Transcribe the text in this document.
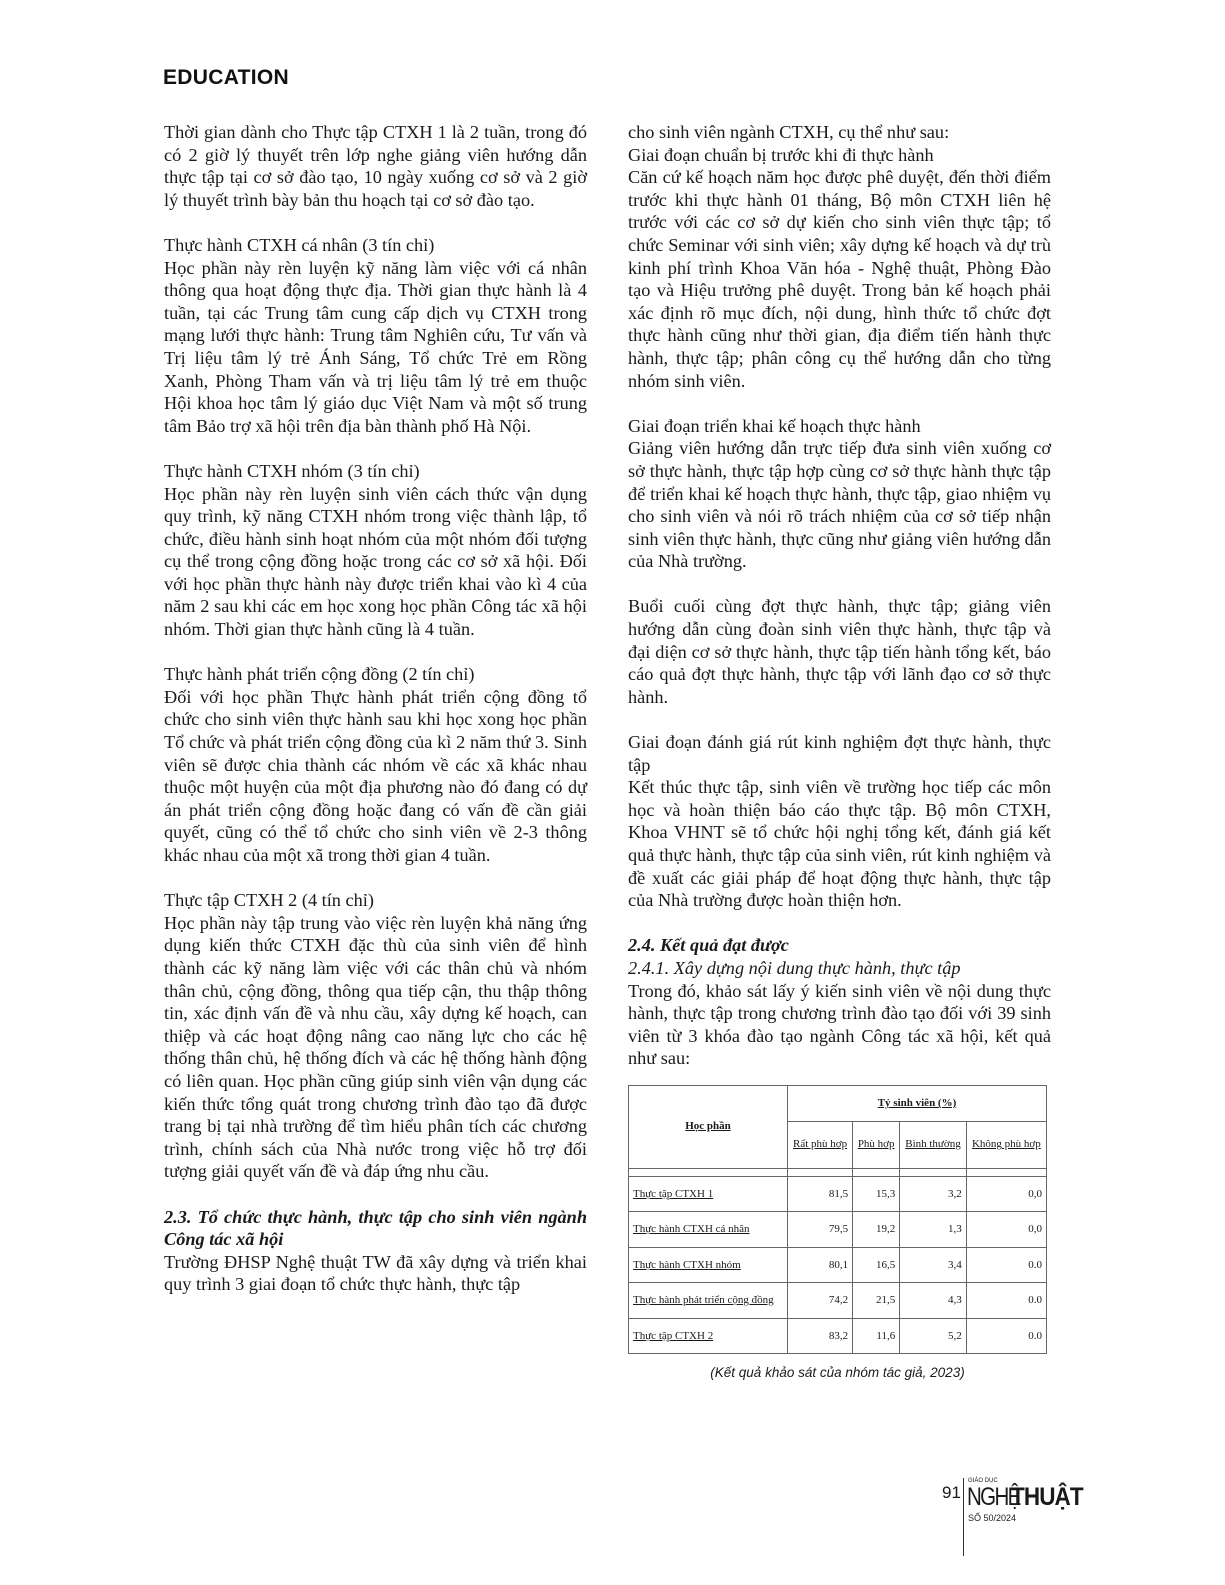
EDUCATION

Thời gian dành cho Thực tập CTXH 1 là 2 tuần, trong đó có 2 giờ lý thuyết trên lớp nghe giảng viên hướng dẫn thực tập tại cơ sở đào tạo, 10 ngày xuống cơ sở và 2 giờ lý thuyết trình bày bản thu hoạch tại cơ sở đào tạo.

Thực hành CTXH cá nhân (3 tín chỉ)

Học phần này rèn luyện kỹ năng làm việc với cá nhân thông qua hoạt động thực địa. Thời gian thực hành là 4 tuần, tại các Trung tâm cung cấp dịch vụ CTXH trong mạng lưới thực hành: Trung tâm Nghiên cứu, Tư vấn và Trị liệu tâm lý trẻ Ánh Sáng, Tổ chức Trẻ em Rồng Xanh, Phòng Tham vấn và trị liệu tâm lý trẻ em thuộc Hội khoa học tâm lý giáo dục Việt Nam và một số trung tâm Bảo trợ xã hội trên địa bàn thành phố Hà Nội.

Thực hành CTXH nhóm (3 tín chỉ)

Học phần này rèn luyện sinh viên cách thức vận dụng quy trình, kỹ năng CTXH nhóm trong việc thành lập, tổ chức, điều hành sinh hoạt nhóm của một nhóm đối tượng cụ thể trong cộng đồng hoặc trong các cơ sở xã hội. Đối với học phần thực hành này được triển khai vào kì 4 của năm 2 sau khi các em học xong học phần Công tác xã hội nhóm. Thời gian thực hành cũng là 4 tuần.

Thực hành phát triển cộng đồng (2 tín chỉ)

Đối với học phần Thực hành phát triển cộng đồng tổ chức cho sinh viên thực hành sau khi học xong học phần Tổ chức và phát triển cộng đồng của kì 2 năm thứ 3. Sinh viên sẽ được chia thành các nhóm về các xã khác nhau thuộc một huyện của một địa phương nào đó đang có dự án phát triển cộng đồng hoặc đang có vấn đề cần giải quyết, cũng có thể tổ chức cho sinh viên về 2-3 thông khác nhau của một xã trong thời gian 4 tuần.

Thực tập CTXH 2 (4 tín chỉ)

Học phần này tập trung vào việc rèn luyện khả năng ứng dụng kiến thức CTXH đặc thù của sinh viên để hình thành các kỹ năng làm việc với các thân chủ và nhóm thân chủ, cộng đồng, thông qua tiếp cận, thu thập thông tin, xác định vấn đề và nhu cầu, xây dựng kế hoạch, can thiệp và các hoạt động nâng cao năng lực cho các hệ thống thân chủ, hệ thống đích và các hệ thống hành động có liên quan. Học phần cũng giúp sinh viên vận dụng các kiến thức tổng quát trong chương trình đào tạo đã được trang bị tại nhà trường để tìm hiểu phân tích các chương trình, chính sách của Nhà nước trong việc hỗ trợ đối tượng giải quyết vấn đề và đáp ứng nhu cầu.

2.3. Tổ chức thực hành, thực tập cho sinh viên ngành Công tác xã hội

Trường ĐHSP Nghệ thuật TW đã xây dựng và triển khai quy trình 3 giai đoạn tổ chức thực hành, thực tập

cho sinh viên ngành CTXH, cụ thể như sau:

Giai đoạn chuẩn bị trước khi đi thực hành

Căn cứ kế hoạch năm học được phê duyệt, đến thời điểm trước khi thực hành 01 tháng, Bộ môn CTXH liên hệ trước với các cơ sở dự kiến cho sinh viên thực tập; tổ chức Seminar với sinh viên; xây dựng kế hoạch và dự trù kinh phí trình Khoa Văn hóa - Nghệ thuật, Phòng Đào tạo và Hiệu trưởng phê duyệt. Trong bản kế hoạch phải xác định rõ mục đích, nội dung, hình thức tổ chức đợt thực hành cũng như thời gian, địa điểm tiến hành thực hành, thực tập; phân công cụ thể hướng dẫn cho từng nhóm sinh viên.

Giai đoạn triển khai kế hoạch thực hành

Giảng viên hướng dẫn trực tiếp đưa sinh viên xuống cơ sở thực hành, thực tập hợp cùng cơ sở thực hành thực tập để triển khai kế hoạch thực hành, thực tập, giao nhiệm vụ cho sinh viên và nói rõ trách nhiệm của cơ sở tiếp nhận sinh viên thực hành, thực cũng như giảng viên hướng dẫn của Nhà trường.

Buổi cuối cùng đợt thực hành, thực tập; giảng viên hướng dẫn cùng đoàn sinh viên thực hành, thực tập và đại diện cơ sở thực hành, thực tập tiến hành tổng kết, báo cáo quả đợt thực hành, thực tập với lãnh đạo cơ sở thực hành.

Giai đoạn đánh giá rút kinh nghiệm đợt thực hành, thực tập

Kết thúc thực tập, sinh viên về trường học tiếp các môn học và hoàn thiện báo cáo thực tập. Bộ môn CTXH, Khoa VHNT sẽ tổ chức hội nghị tổng kết, đánh giá kết quả thực hành, thực tập của sinh viên, rút kinh nghiệm và đề xuất các giải pháp để hoạt động thực hành, thực tập của Nhà trường được hoàn thiện hơn.

2.4. Kết quả đạt được
2.4.1. Xây dựng nội dung thực hành, thực tập

Trong đó, khảo sát lấy ý kiến sinh viên về nội dung thực hành, thực tập trong chương trình đào tạo đối với 39 sinh viên từ 3 khóa đào tạo ngành Công tác xã hội, kết quả như sau:

Học phần	Tỷ sinh viên (%)			
	Rất phù hợp	Phù hợp	Bình thường	Không phù hợp

Thực tập CTXH 1	81,5	15,3	3,2	0,0
Thực hành CTXH cá nhân	79,5	19,2	1,3	0,0
Thực hành CTXH nhóm	80,1	16,5	3,4	0.0
Thực hành phát triển cộng đồng	74,2	21,5	4,3	0.0
Thực tập CTXH 2	83,2	11,6	5,2	0.0
(Kết quả khảo sát của nhóm tác giả, 2023)
91
GIÁO DỤC
NGHỆ
THUẬT
SỐ 50/2024
